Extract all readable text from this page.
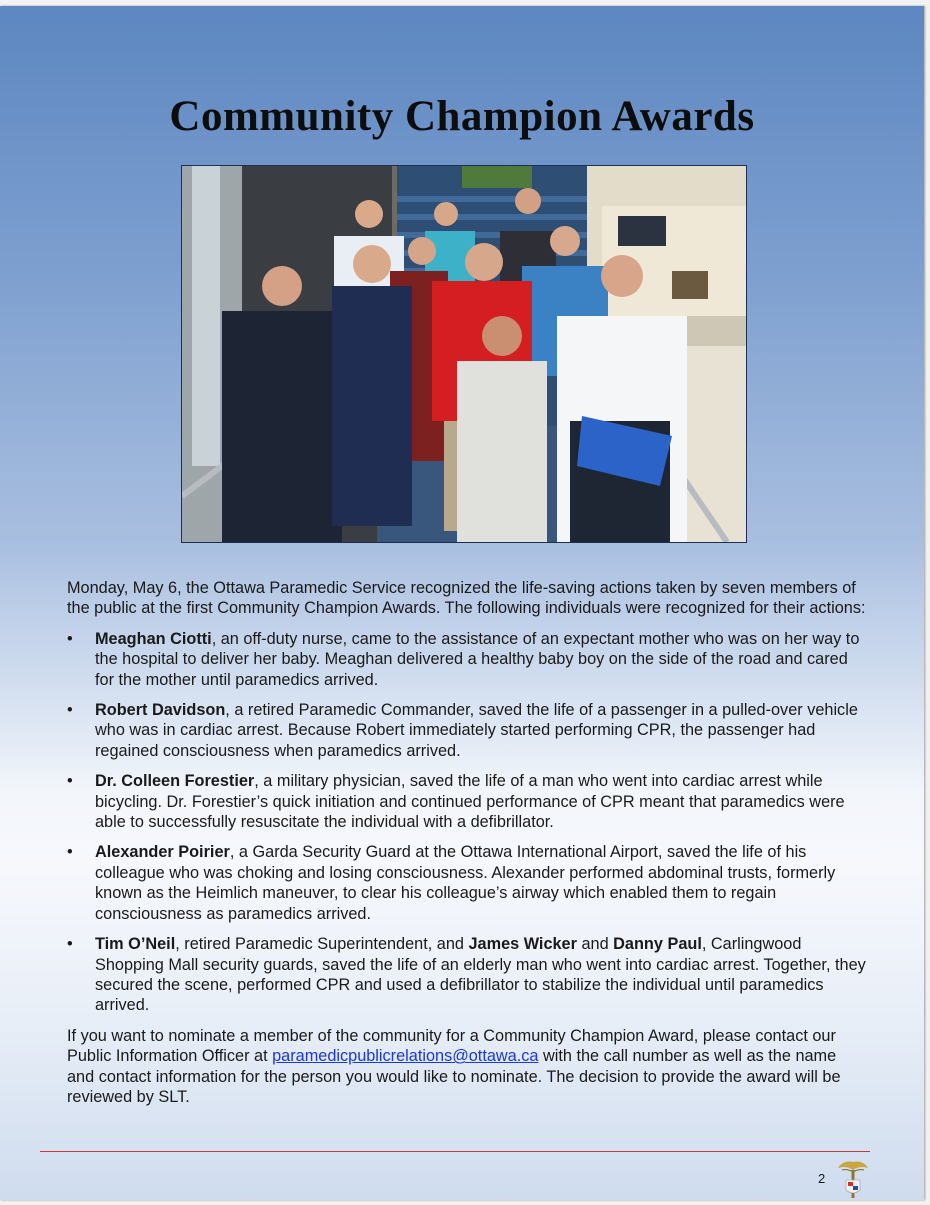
Community Champion Awards

Monday, May 6, the Ottawa Paramedic Service recognized the life-saving actions taken by seven members of the public at the first Community Champion Awards. The following individuals were recognized for their actions:

• Meaghan Ciotti, an off-duty nurse, came to the assistance of an expectant mother who was on her way to the hospital to deliver her baby. Meaghan delivered a healthy baby boy on the side of the road and cared for the mother until paramedics arrived.
• Robert Davidson, a retired Paramedic Commander, saved the life of a passenger in a pulled-over vehicle who was in cardiac arrest. Because Robert immediately started performing CPR, the passenger had regained consciousness when paramedics arrived.
• Dr. Colleen Forestier, a military physician, saved the life of a man who went into cardiac arrest while bicycling. Dr. Forestier’s quick initiation and continued performance of CPR meant that paramedics were able to successfully resuscitate the individual with a defibrillator.
• Alexander Poirier, a Garda Security Guard at the Ottawa International Airport, saved the life of his colleague who was choking and losing consciousness. Alexander performed abdominal trusts, formerly known as the Heimlich maneuver, to clear his colleague’s airway which enabled them to regain consciousness as paramedics arrived.
• Tim O’Neil, retired Paramedic Superintendent, and James Wicker and Danny Paul, Carlingwood Shopping Mall security guards, saved the life of an elderly man who went into cardiac arrest. Together, they secured the scene, performed CPR and used a defibrillator to stabilize the individual until paramedics arrived.

If you want to nominate a member of the community for a Community Champion Award, please contact our Public Information Officer at paramedicpublicrelations@ottawa.ca with the call number as well as the name and contact information for the person you would like to nominate. The decision to provide the award will be reviewed by SLT.

2
